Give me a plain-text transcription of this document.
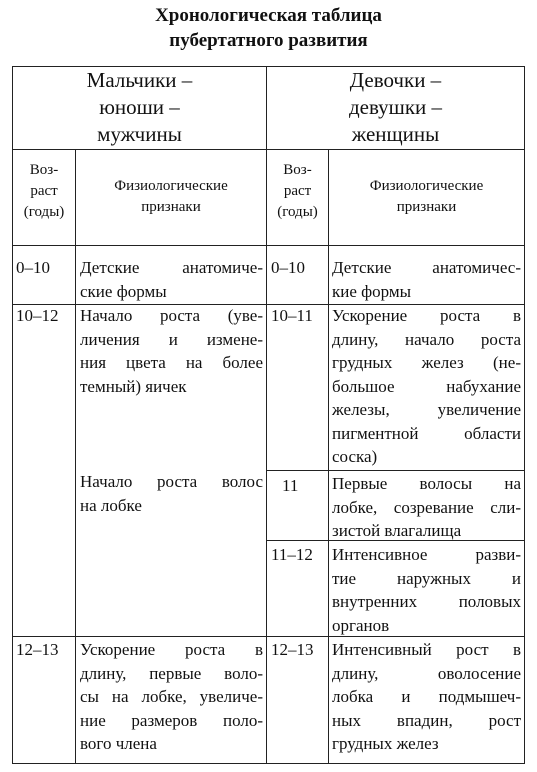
Хронологическая таблица
пубертатного развития
Мальчики –
юноши –
мужчины
Девочки –
девушки –
женщины
Воз-
раст
(годы)
Физиологические
признаки
Воз-
раст
(годы)
Физиологические
признаки
0–10 Детские анатомиче-
ские формы
10–12 Начало роста (уве-
личения и измене-
ния цвета на более
темный) яичек
Начало роста волос
на лобке
12–13 Ускорение роста в
длину, первые воло-
сы на лобке, увеличе-
ние размеров поло-
вого члена
0–10 Детские анатомичес-
кие формы
10–11 Ускорение роста в
длину, начало роста
грудных желез (не-
большое набухание
железы, увеличение
пигментной области
соска)
11 Первые волосы на
лобке, созревание сли-
зистой влагалища
11–12 Интенсивное разви-
тие наружных и
внутренних половых
органов
12–13 Интенсивный рост в
длину, оволосение
лобка и подмышеч-
ных впадин, рост
грудных желез
